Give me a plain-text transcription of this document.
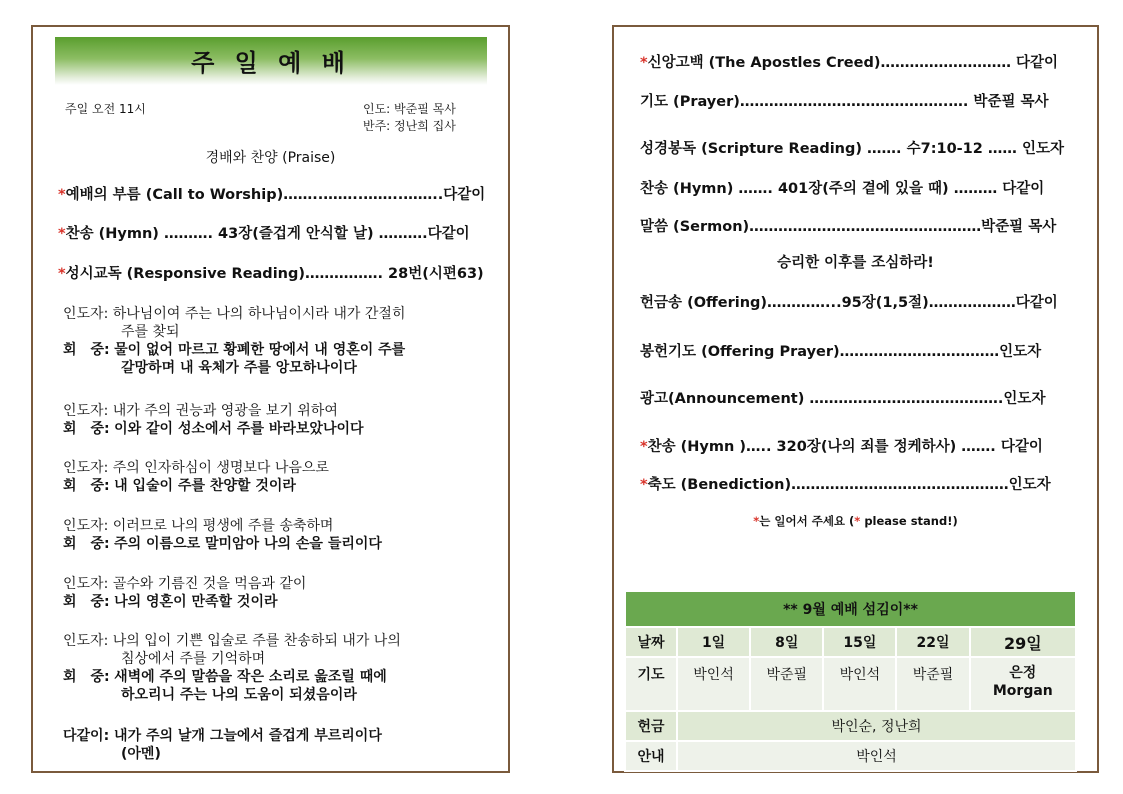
주 일 예 배
주일 오전 11시	인도: 박준필 목사
반주: 정난희 집사
경배와 찬양 (Praise)
*예배의 부름 (Call to Worship)……..……..……..……..다같이
*찬송 (Hymn) ………. 43장(즐겁게 안식할 날) ……….다같이
*성시교독 (Responsive Reading)……………. 28번(시편63)
인도자: 하나님이여 주는 나의 하나님이시라 내가 간절히
주를 찾되
회　중: 물이 없어 마르고 황폐한 땅에서 내 영혼이 주를
갈망하며 내 육체가 주를 앙모하나이다
인도자: 내가 주의 권능과 영광을 보기 위하여
회　중: 이와 같이 성소에서 주를 바라보았나이다
인도자: 주의 인자하심이 생명보다 나음으로
회　중: 내 입술이 주를 찬양할 것이라
인도자: 이러므로 나의 평생에 주를 송축하며
회　중: 주의 이름으로 말미암아 나의 손을 들리이다
인도자: 골수와 기름진 것을 먹음과 같이
회　중: 나의 영혼이 만족할 것이라
인도자: 나의 입이 기쁜 입술로 주를 찬송하되 내가 나의
침상에서 주를 기억하며
회　중: 새벽에 주의 말씀을 작은 소리로 읊조릴 때에
하오리니 주는 나의 도움이 되셨음이라
다같이: 내가 주의 날개 그늘에서 즐겁게 부르리이다
(아멘)
*신앙고백 (The Apostles Creed)……………………… 다같이
기도 (Prayer)…………………………………….…. 박준필 목사
성경봉독 (Scripture Reading) ……. 수7:10-12 …… 인도자
찬송 (Hymn) ……. 401장(주의 곁에 있을 때) ……… 다같이
말씀 (Sermon)…………………………………………박준필 목사
승리한 이후를 조심하라!
헌금송 (Offering)…………...95장(1,5절)………………다같이
봉헌기도 (Offering Prayer)……………………………인도자
광고(Announcement) ………………………………….인도자
*찬송 (Hymn )….. 320장(나의 죄를 정케하사) ……. 다같이
*축도 (Benediction)………………………………………인도자
*는 일어서 주세요 (* please stand!)
** 9월 예배 섬김이**					
날짜	1일	8일	15일	22일	29일
기도	박인석	박준필	박인석	박준필	은정
Morgan
헌금	박인순, 정난희				
안내	박인석				
